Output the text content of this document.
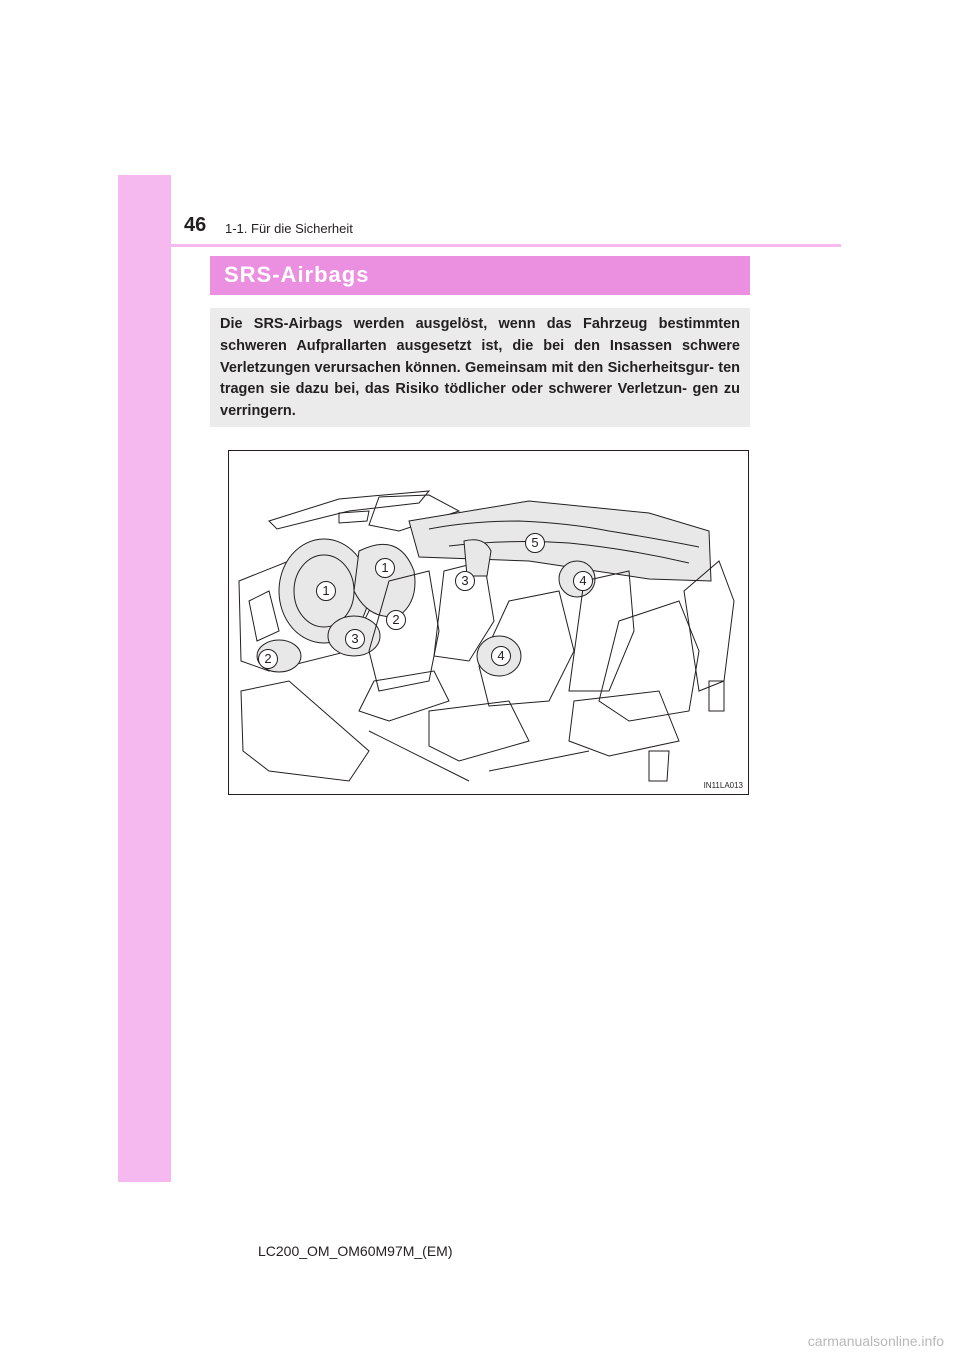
46 1-1. Für die Sicherheit
SRS-Airbags
Die SRS-Airbags werden ausgelöst, wenn das Fahrzeug bestimmten schweren Aufprallarten ausgesetzt ist, die bei den Insassen schwere Verletzungen verursachen können. Gemeinsam mit den Sicherheitsgur- ten tragen sie dazu bei, das Risiko tödlicher oder schwerer Verletzun- gen zu verringern.
1
1
2
2
3
3
4
4
5
IN11LA013
LC200_OM_OM60M97M_(EM)
carmanualsonline.info
